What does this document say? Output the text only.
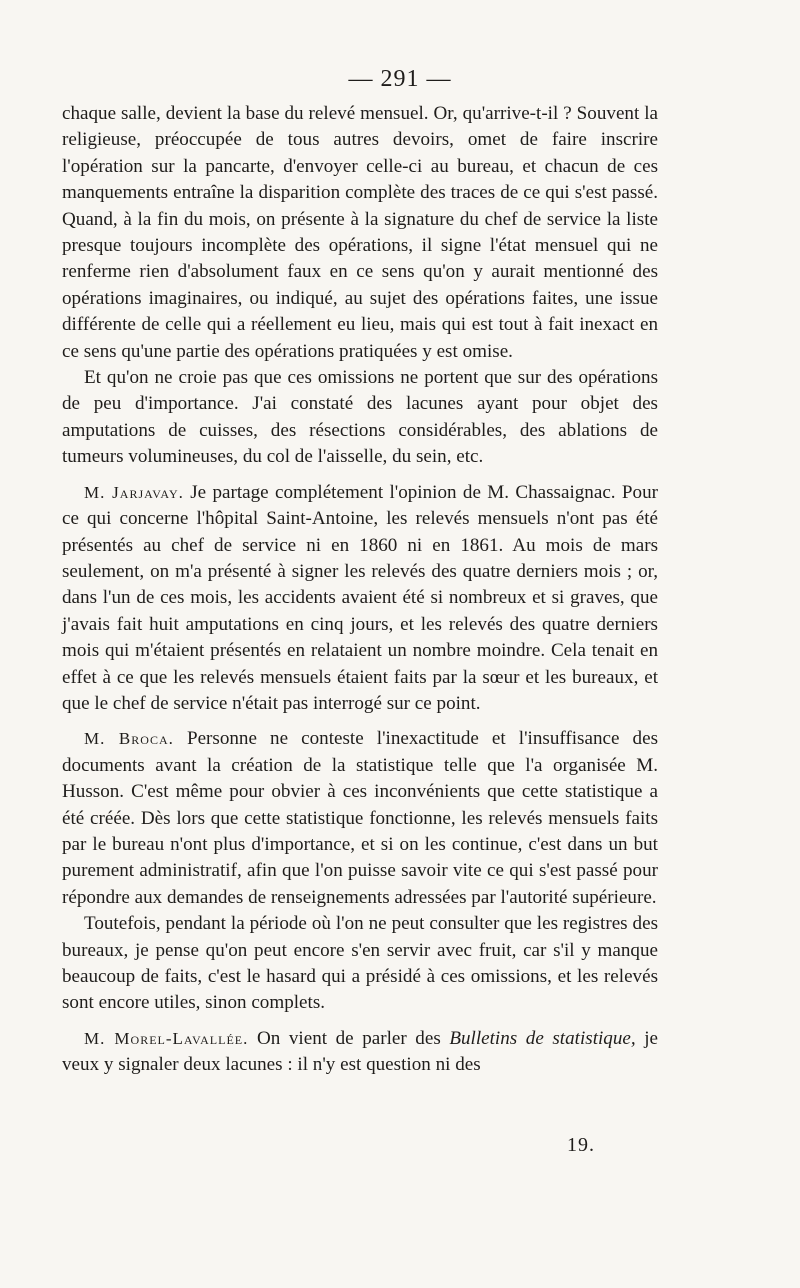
— 291 —

chaque salle, devient la base du relevé mensuel. Or, qu'arrive-t-il ? Souvent la religieuse, préoccupée de tous autres devoirs, omet de faire inscrire l'opération sur la pancarte, d'envoyer celle-ci au bureau, et chacun de ces manquements entraîne la disparition complète des traces de ce qui s'est passé. Quand, à la fin du mois, on présente à la signature du chef de service la liste presque toujours incomplète des opérations, il signe l'état mensuel qui ne renferme rien d'absolument faux en ce sens qu'on y aurait mentionné des opérations imaginaires, ou indiqué, au sujet des opérations faites, une issue différente de celle qui a réellement eu lieu, mais qui est tout à fait inexact en ce sens qu'une partie des opérations pratiquées y est omise.

Et qu'on ne croie pas que ces omissions ne portent que sur des opérations de peu d'importance. J'ai constaté des lacunes ayant pour objet des amputations de cuisses, des résections considérables, des ablations de tumeurs volumineuses, du col de l'aisselle, du sein, etc.

M. Jarjavay. Je partage complétement l'opinion de M. Chassaignac. Pour ce qui concerne l'hôpital Saint-Antoine, les relevés mensuels n'ont pas été présentés au chef de service ni en 1860 ni en 1861. Au mois de mars seulement, on m'a présenté à signer les relevés des quatre derniers mois ; or, dans l'un de ces mois, les accidents avaient été si nombreux et si graves, que j'avais fait huit amputations en cinq jours, et les relevés des quatre derniers mois qui m'étaient présentés en relataient un nombre moindre. Cela tenait en effet à ce que les relevés mensuels étaient faits par la sœur et les bureaux, et que le chef de service n'était pas interrogé sur ce point.

M. Broca. Personne ne conteste l'inexactitude et l'insuffisance des documents avant la création de la statistique telle que l'a organisée M. Husson. C'est même pour obvier à ces inconvénients que cette statistique a été créée. Dès lors que cette statistique fonctionne, les relevés mensuels faits par le bureau n'ont plus d'importance, et si on les continue, c'est dans un but purement administratif, afin que l'on puisse savoir vite ce qui s'est passé pour répondre aux demandes de renseignements adressées par l'autorité supérieure.

Toutefois, pendant la période où l'on ne peut consulter que les registres des bureaux, je pense qu'on peut encore s'en servir avec fruit, car s'il y manque beaucoup de faits, c'est le hasard qui a présidé à ces omissions, et les relevés sont encore utiles, sinon complets.

M. Morel-Lavallée. On vient de parler des Bulletins de statistique, je veux y signaler deux lacunes : il n'y est question ni des

19.
